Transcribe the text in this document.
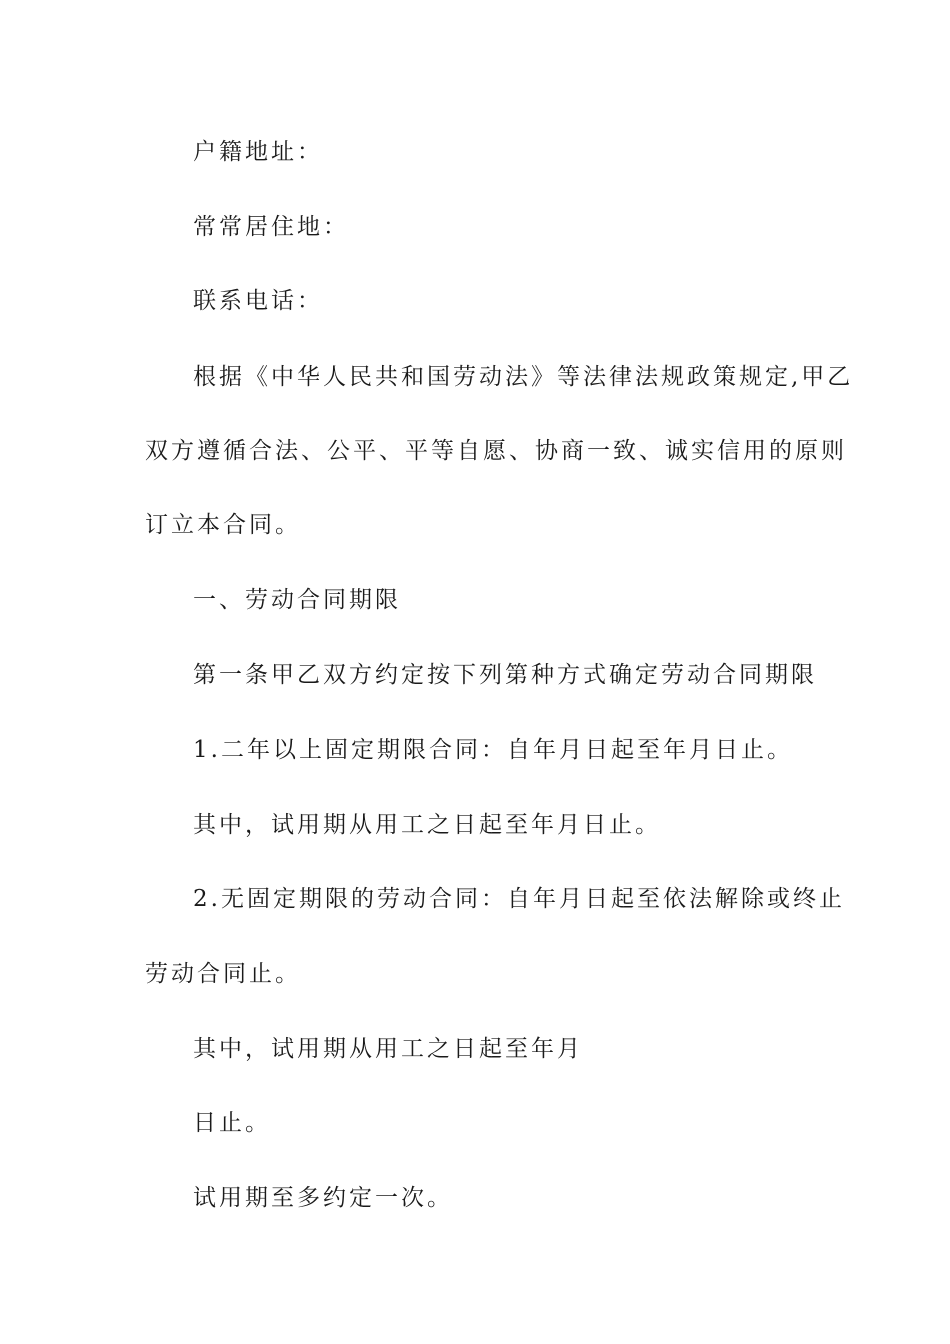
户籍地址：
常常居住地：
联系电话：
根据《中华人民共和国劳动法》等法律法规政策规定,甲乙
双方遵循合法、公平、平等自愿、协商一致、诚实信用的原则
订立本合同。
一、劳动合同期限
第一条甲乙双方约定按下列第种方式确定劳动合同期限
1.二年以上固定期限合同：自年月日起至年月日止。
其中，试用期从用工之日起至年月日止。
2.无固定期限的劳动合同：自年月日起至依法解除或终止
劳动合同止。
其中，试用期从用工之日起至年月
日止。
试用期至多约定一次。
